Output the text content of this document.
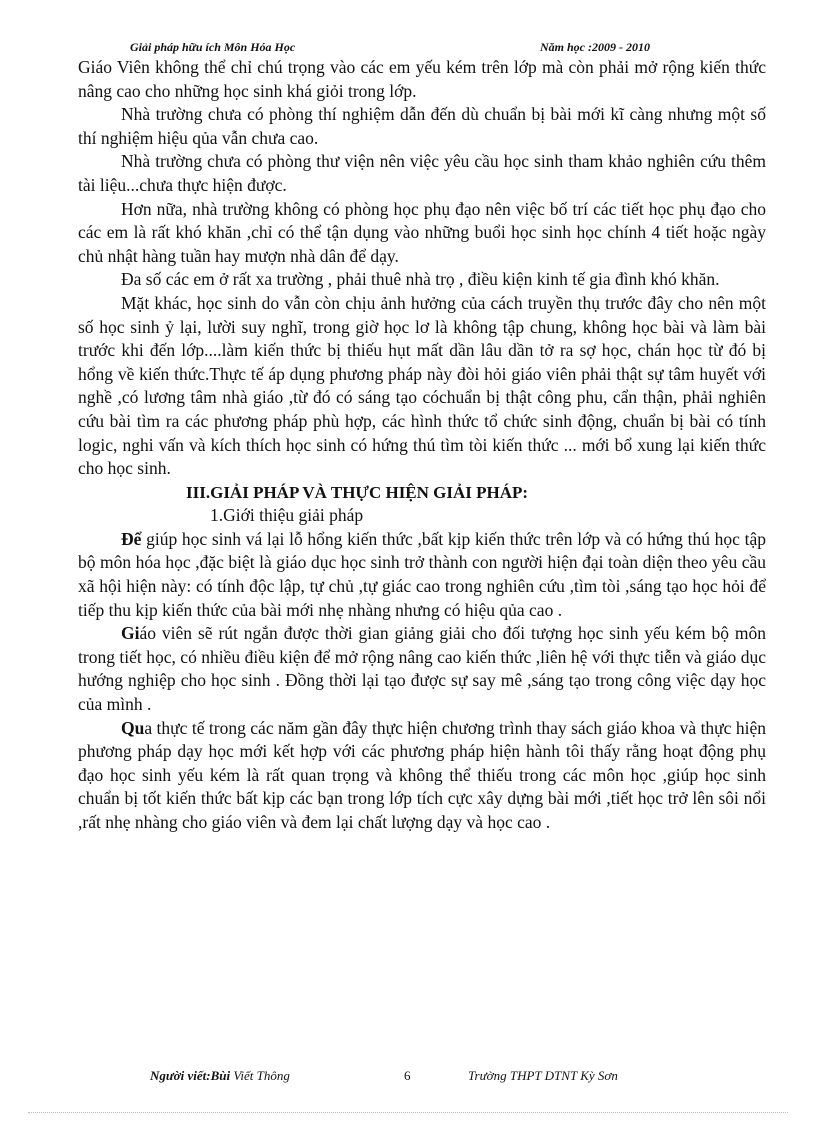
Giải pháp hữu ích Môn Hóa Học	Năm học :2009 - 2010

Giáo Viên không thể chỉ chú trọng vào các em yếu kém trên lớp mà còn phải mở rộng kiến thức nâng cao cho những học sinh khá giỏi trong lớp.

Nhà trường chưa có phòng thí nghiệm dẫn đến dù chuẩn bị bài mới kĩ càng nhưng một số thí nghiệm hiệu qủa vẫn chưa cao.

Nhà trường chưa có phòng thư viện nên việc yêu cầu học sinh tham khảo nghiên cứu thêm tài liệu...chưa thực hiện được.

Hơn nữa, nhà trường không có phòng học phụ đạo nên việc bố trí các tiết học phụ đạo cho các em là rất khó khăn ,chỉ có thể tận dụng vào những buổi học sinh học chính 4 tiết hoặc ngày chủ nhật hàng tuần hay mượn nhà dân để dạy.

Đa số các em ở rất xa trường , phải thuê nhà trọ , điều kiện kinh tế gia đình khó khăn.

Mặt khác, học sinh do vẫn còn chịu ảnh hưởng của cách truyền thụ trước đây cho nên một số học sinh ỷ lại, lười suy nghĩ, trong giờ học lơ là không tập chung, không học bài và làm bài trước khi đến lớp....làm kiến thức bị thiếu hụt mất dần lâu dần tở ra sợ học, chán học từ đó bị hổng về kiến thức.Thực tế áp dụng phương pháp này đòi hỏi giáo viên phải thật sự tâm huyết với nghề ,có lương tâm nhà giáo ,từ đó có sáng tạo cóchuẩn bị thật công phu, cẩn thận, phải nghiên cứu bài tìm ra các phương pháp phù hợp, các hình thức tổ chức sinh động, chuẩn bị bài có tính logic, nghi vấn và kích thích học sinh có hứng thú tìm tòi kiến thức ... mới bổ xung lại kiến thức cho học sinh.

III.GIẢI PHÁP VÀ THỰC HIỆN GIẢI PHÁP:

1.Giới thiệu giải pháp

Để giúp học sinh vá lại lỗ hổng kiến thức ,bất kịp kiến thức trên lớp và có hứng thú học tập bộ môn hóa học ,đặc biệt là giáo dục học sinh trở thành con người hiện đại toàn diện theo yêu cầu xã hội hiện này: có tính độc lập, tự chủ ,tự giác cao trong nghiên cứu ,tìm tòi ,sáng tạo học hỏi để tiếp thu kịp kiến thức của bài mới nhẹ nhàng nhưng có hiệu qủa cao .

Giáo viên sẽ rút ngắn được thời gian giảng giải cho đối tượng học sinh yếu kém bộ môn trong tiết học, có nhiều điều kiện để mở rộng nâng cao kiến thức ,liên hệ với thực tiễn và giáo dục hướng nghiệp cho học sinh . Đồng thời lại tạo được sự say mê ,sáng tạo trong công việc dạy học của mình .

Qua thực tế trong các năm gần đây thực hiện chương trình thay sách giáo khoa và thực hiện phương pháp dạy học mới kết hợp với các phương pháp hiện hành tôi thấy rằng hoạt động phụ đạo học sinh yếu kém là rất quan trọng và không thể thiếu trong các môn học ,giúp học sinh chuẩn bị tốt kiến thức bất kịp các bạn trong lớp tích cực xây dựng bài mới ,tiết học trở lên sôi nổi ,rất nhẹ nhàng cho giáo viên và đem lại chất lượng dạy và học cao .

Người viết:Bùi Viết Thông	6	Trường THPT DTNT Kỳ Sơn
